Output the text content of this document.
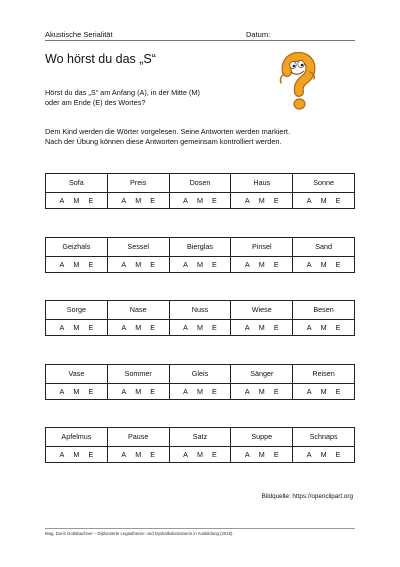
Akustische Serialität	Datum:
Wo hörst du das „S“
Hörst du das „S“ am Anfang (A), in der Mitte (M)
oder am Ende (E) des Wortes?
Dem Kind werden die Wörter vorgelesen. Seine Antworten werden markiert.
Nach der Übung können diese Antworten gemeinsam kontrolliert werden.
Sofa	Preis	Dosen	Haus	Sonne
A M E	A M E	A M E	A M E	A M E
Geizhals	Sessel	Bierglas	Pinsel	Sand
A M E	A M E	A M E	A M E	A M E
Sorge	Nase	Nuss	Wiese	Besen
A M E	A M E	A M E	A M E	A M E
Vase	Sommer	Gleis	Sänger	Reisen
A M E	A M E	A M E	A M E	A M E
Apfelmus	Pause	Satz	Suppe	Schnaps
A M E	A M E	A M E	A M E	A M E
Bildquelle: https://openclipart.org
Mag. Doris Gottsbachner – Diplomierte Legasthenie- und Dyskalkulietrainerin in Ausbildung (2018)
